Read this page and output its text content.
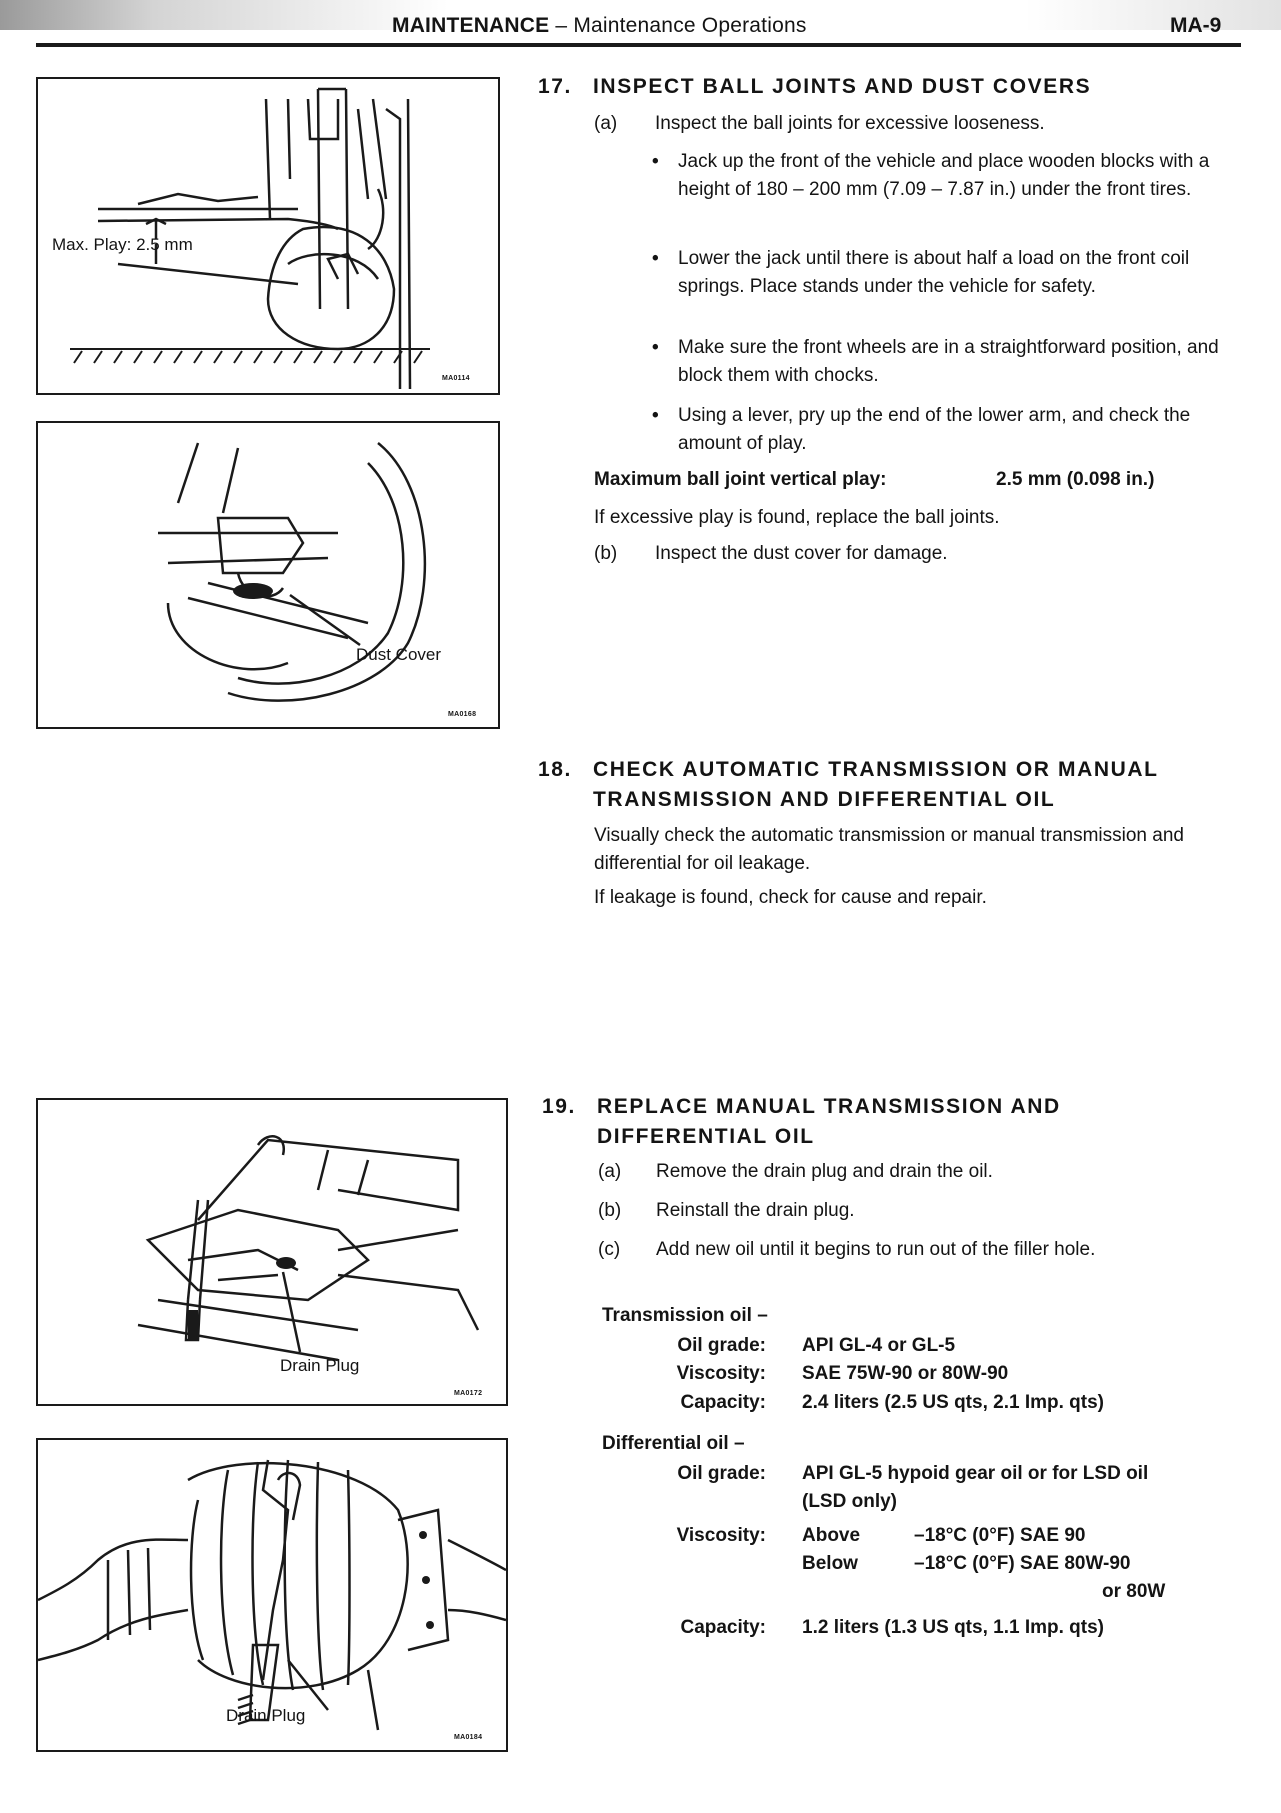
MAINTENANCE – Maintenance Operations	MA-9
Max. Play: 2.5 mm
MA0114
Dust Cover
MA0168
Drain Plug
MA0172
Drain Plug
MA0184
17. INSPECT BALL JOINTS AND DUST COVERS
(a) Inspect the ball joints for excessive looseness.
• Jack up the front of the vehicle and place wooden blocks with a height of 180 – 200 mm (7.09 – 7.87 in.) under the front tires.
• Lower the jack until there is about half a load on the front coil springs. Place stands under the vehicle for safety.
• Make sure the front wheels are in a straightforward position, and block them with chocks.
• Using a lever, pry up the end of the lower arm, and check the amount of play.
Maximum ball joint vertical play:	2.5 mm (0.098 in.)
If excessive play is found, replace the ball joints.
(b) Inspect the dust cover for damage.
18. CHECK AUTOMATIC TRANSMISSION OR MANUAL
TRANSMISSION AND DIFFERENTIAL OIL
Visually check the automatic transmission or manual transmission and differential for oil leakage.
If leakage is found, check for cause and repair.
19. REPLACE MANUAL TRANSMISSION AND
DIFFERENTIAL OIL
(a) Remove the drain plug and drain the oil.
(b) Reinstall the drain plug.
(c) Add new oil until it begins to run out of the filler hole.
Transmission oil –
Oil grade: API GL-4 or GL-5
Viscosity: SAE 75W-90 or 80W-90
Capacity: 2.4 liters (2.5 US qts, 2.1 Imp. qts)
Differential oil –
Oil grade: API GL-5 hypoid gear oil or for LSD oil
(LSD only)
Viscosity: Above	–18°C (0°F) SAE 90
Below	–18°C (0°F) SAE 80W-90
or 80W
Capacity: 1.2 liters (1.3 US qts, 1.1 Imp. qts)
